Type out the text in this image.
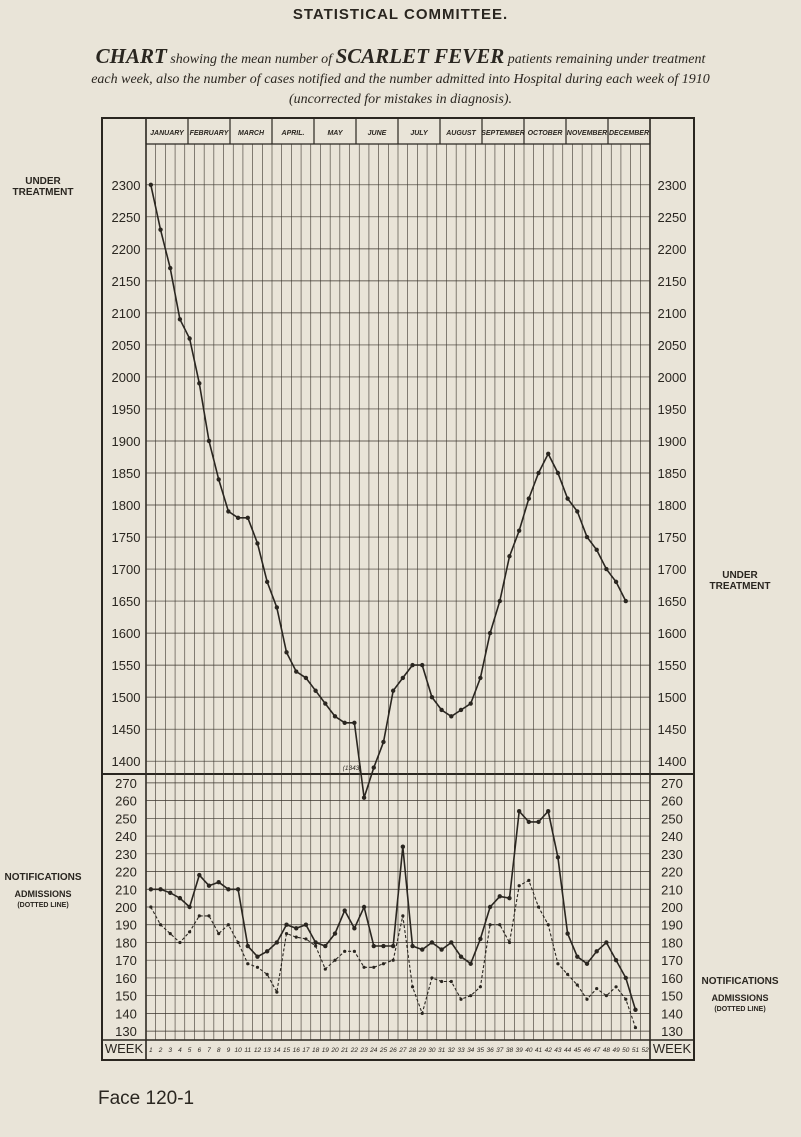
STATISTICAL COMMITTEE.
CHART showing the mean number of SCARLET FEVER patients remaining under treatment each week, also the number of cases notified and the number admitted into Hospital during each week of 1910 (uncorrected for mistakes in diagnosis).
UNDER TREATMENT
NOTIFICATIONS
ADMISSIONS
(DOTTED LINE)
UNDER TREATMENT
NOTIFICATIONS
ADMISSIONS
(DOTTED LINE)
Face 120-1
JANUARY FEBRUARY MARCH APRIL.	MAY	JUNE	JULY	AUGUST SEPTEMBER OCTOBER NOVEMBER DECEMBER
1400	1400
1450	1450
1500	1500
1550	1550
1600	1600
1650	1650
1700	1700
1750	1750
1800	1800
1850	1850
1900	1900
1950	1950
2000	2000
2050	2050
2100	2100
2150	2150
2200	2200
2250	2250
2300	2300
130	130
140	140
150	150
160	160
170	170
180	180
190	190
200	200
210	210
220	220
230	230
240	240
250	250
260	260
270	270
WEEK	WEEK
1 2 3 4 5 6 7 8 9 10 11 12 13 14 15 16 17 18 19 20 21 22 23 24 25 26 27 28 29 30 31 32 33 34 35 36 37 38 39 40 41 42 43 44 45 46 47 48 49 50 51 52
(1343)
